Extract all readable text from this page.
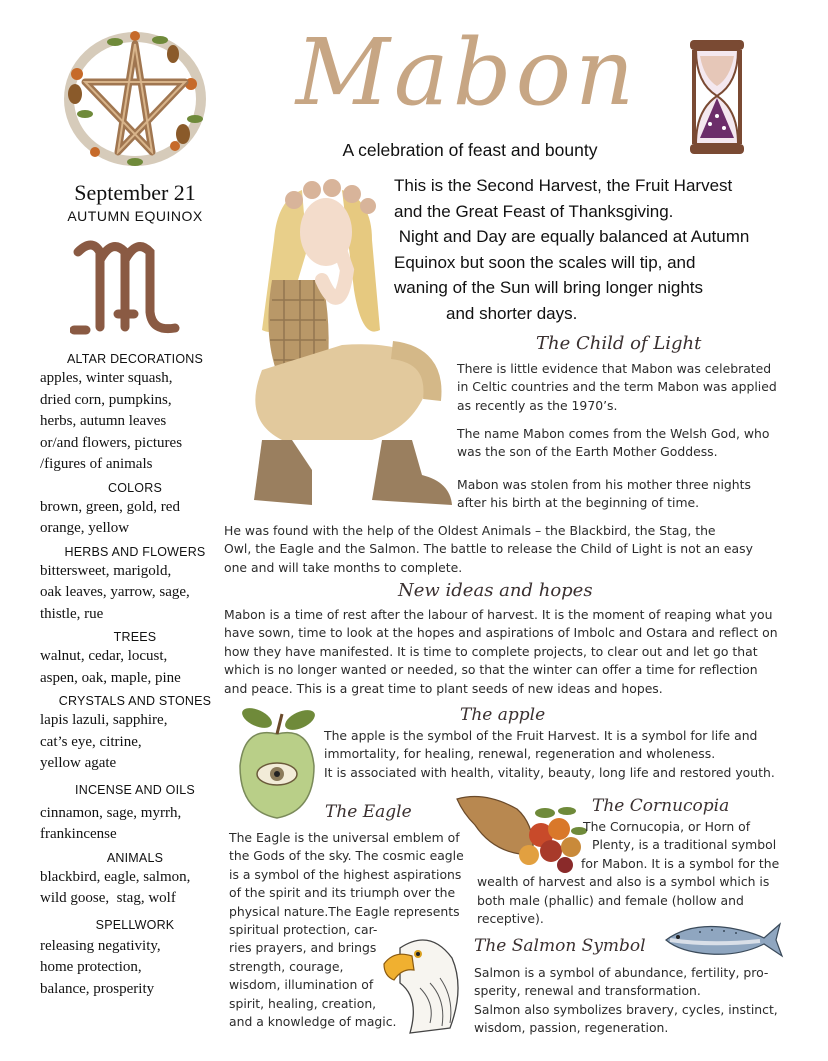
September 21
AUTUMN EQUINOX
Mabon
A celebration of feast and bounty
This is the Second Harvest, the Fruit Harvest
and the Great Feast of Thanksgiving.
Night and Day are equally balanced at Autumn
Equinox but soon the scales will tip, and
waning of the Sun will bring longer nights
and shorter days.
The Child of Light
There is little evidence that Mabon was celebrated
in Celtic countries and the term Mabon was applied
as recently as the 1970’s.
The name Mabon comes from the Welsh God, who
was the son of the Earth Mother Goddess.
Mabon was stolen from his mother three nights
after his birth at the beginning of time.
He was found with the help of the Oldest Animals – the Blackbird, the Stag, the
Owl, the Eagle and the Salmon. The battle to release the Child of Light is not an easy
one and will take months to complete.
New ideas and hopes
Mabon is a time of rest after the labour of harvest. It is the moment of reaping what you
have sown, time to look at the hopes and aspirations of Imbolc and Ostara and reflect on
how they have manifested. It is time to complete projects, to clear out and let go that
which is no longer wanted or needed, so that the winter can offer a time for reflection
and peace. This is a great time to plant seeds of new ideas and hopes.
The apple
The apple is the symbol of the Fruit Harvest. It is a symbol for life and
immortality, for healing, renewal, regeneration and wholeness.
It is associated with health, vitality, beauty, long life and restored youth.
The Eagle
The Eagle is the universal emblem of
the Gods of the sky. The cosmic eagle
is a symbol of the highest aspirations
of the spirit and its triumph over the
physical nature.The Eagle represents
spiritual protection, car-
ries prayers, and brings
strength, courage,
wisdom, illumination of
spirit, healing, creation,
and a knowledge of magic.
The Cornucopia
The Cornucopia, or Horn of
Plenty, is a traditional symbol
for Mabon. It is a symbol for the
wealth of harvest and also is a symbol which is
both male (phallic) and female (hollow and
receptive).
The Salmon Symbol
Salmon is a symbol of abundance, fertility, pro-
sperity, renewal and transformation.
Salmon also symbolizes bravery, cycles, instinct,
wisdom, passion, regeneration.
ALTAR DECORATIONS
apples, winter squash,
dried corn, pumpkins,
herbs, autumn leaves
or/and flowers, pictures
/figures of animals
COLORS
brown, green, gold, red
orange, yellow
HERBS AND FLOWERS
bittersweet, marigold,
oak leaves, yarrow, sage,
thistle, rue
TREES
walnut, cedar, locust,
aspen, oak, maple, pine
CRYSTALS AND STONES
lapis lazuli, sapphire,
cat’s eye, citrine,
yellow agate
INCENSE AND OILS
cinnamon, sage, myrrh,
frankincense
ANIMALS
blackbird, eagle, salmon,
wild goose,  stag, wolf
SPELLWORK
releasing negativity,
home protection,
balance, prosperity
